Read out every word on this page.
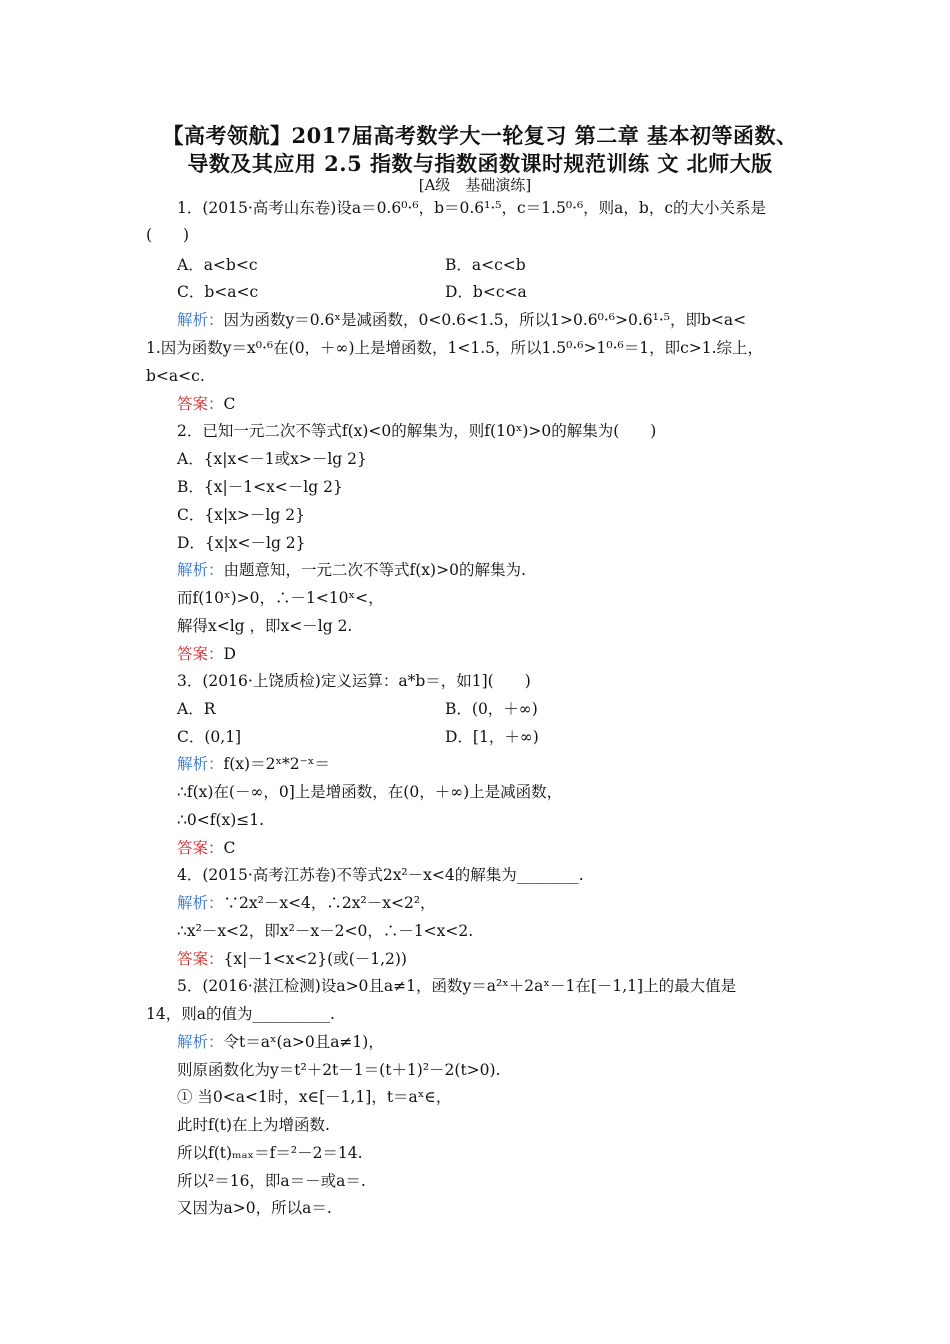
【高考领航】2017届高考数学大一轮复习 第二章 基本初等函数、
导数及其应用 2.5 指数与指数函数课时规范训练 文 北师大版
[A级　基础演练]
1．(2015·高考山东卷)设a＝0.6⁰·⁶，b＝0.6¹·⁵，c＝1.5⁰·⁶，则a，b，c的大小关系是
(　　)
A．a<b<c	B．a<c<b
C．b<a<c	D．b<c<a
解析：因为函数y＝0.6ˣ是减函数，0<0.6<1.5，所以1>0.6⁰·⁶>0.6¹·⁵，即b<a<
1.因为函数y＝x⁰·⁶在(0，＋∞)上是增函数，1<1.5，所以1.5⁰·⁶>1⁰·⁶＝1，即c>1.综上，
b<a<c.
答案：C
2．已知一元二次不等式f(x)<0的解集为，则f(10ˣ)>0的解集为(　　)
A．{x|x<－1或x>－lg 2}
B．{x|－1<x<－lg 2}
C．{x|x>－lg 2}
D．{x|x<－lg 2}
解析：由题意知，一元二次不等式f(x)>0的解集为.
而f(10ˣ)>0，∴－1<10ˣ<，
解得x<lg ，即x<－lg 2.
答案：D
3．(2016·上饶质检)定义运算：a*b＝，如1](　　)
A．R	B．(0，＋∞)
C．(0,1]	D．[1，＋∞)
解析：f(x)＝2ˣ*2⁻ˣ＝
∴f(x)在(－∞，0]上是增函数，在(0，＋∞)上是减函数，
∴0<f(x)≤1.
答案：C
4．(2015·高考江苏卷)不等式2x²－x<4的解集为________.
解析：∵2x²－x<4，∴2x²－x<2²，
∴x²－x<2，即x²－x－2<0，∴－1<x<2.
答案：{x|－1<x<2}(或(－1,2))
5．(2016·湛江检测)设a>0且a≠1，函数y＝a²ˣ＋2aˣ－1在[－1,1]上的最大值是
14，则a的值为__________.
解析：令t＝aˣ(a>0且a≠1)，
则原函数化为y＝t²＋2t－1＝(t＋1)²－2(t>0).
① 当0<a<1时，x∈[－1,1]，t＝aˣ∈，
此时f(t)在上为增函数.
所以f(t)ₘₐₓ＝f＝²－2＝14.
所以²＝16，即a＝－或a＝.
又因为a>0，所以a＝.
